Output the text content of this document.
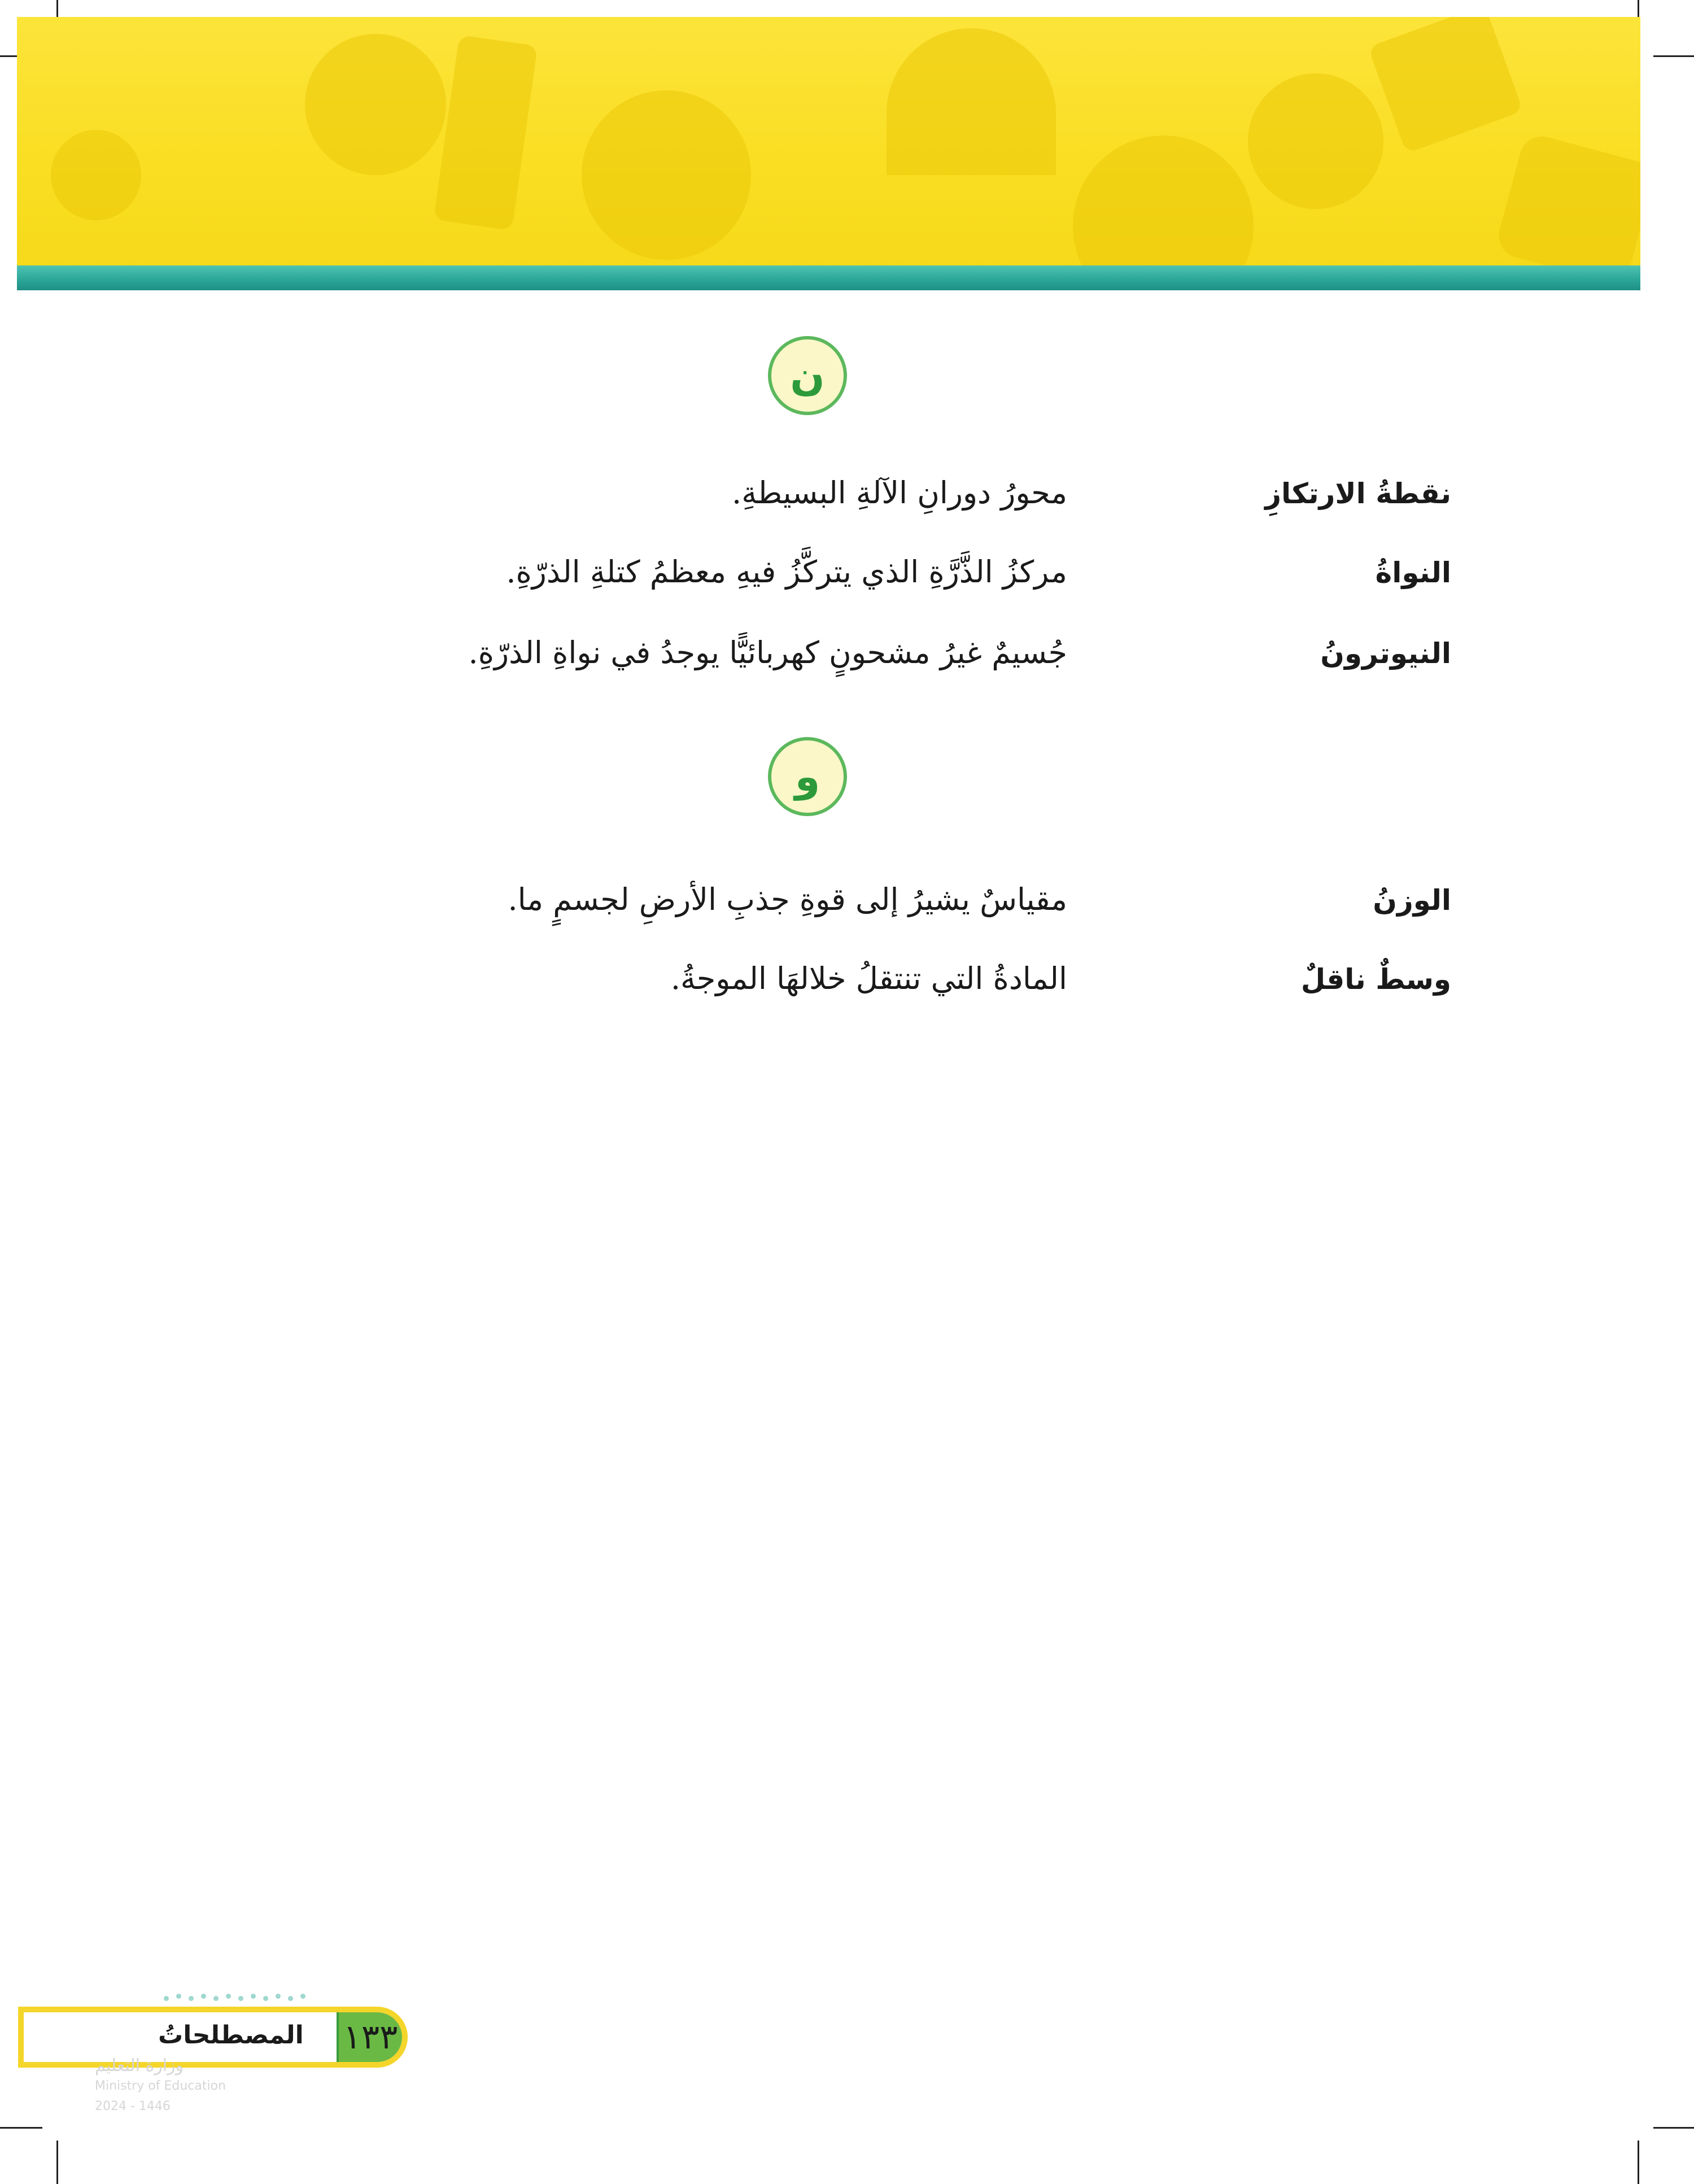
ن
نقطةُ الارتكازِ
محورُ دورانِ الآلةِ البسيطةِ.
النواةُ
مركزُ الذَّرَّةِ الذي يتركَّزُ فيهِ معظمُ كتلةِ الذرّةِ.
النيوترونُ
جُسيمٌ غيرُ مشحونٍ كهربائيًّا يوجدُ في نواةِ الذرّةِ.
و
الوزنُ
مقياسٌ يشيرُ إلى قوةِ جذبِ الأرضِ لجسمٍ ما.
وسطٌ ناقلٌ
المادةُ التي تنتقلُ خلالهَا الموجةُ.
المصطلحاتُ ١٣٣
وزارة التعليم
Ministry of Education
2024 - 1446
